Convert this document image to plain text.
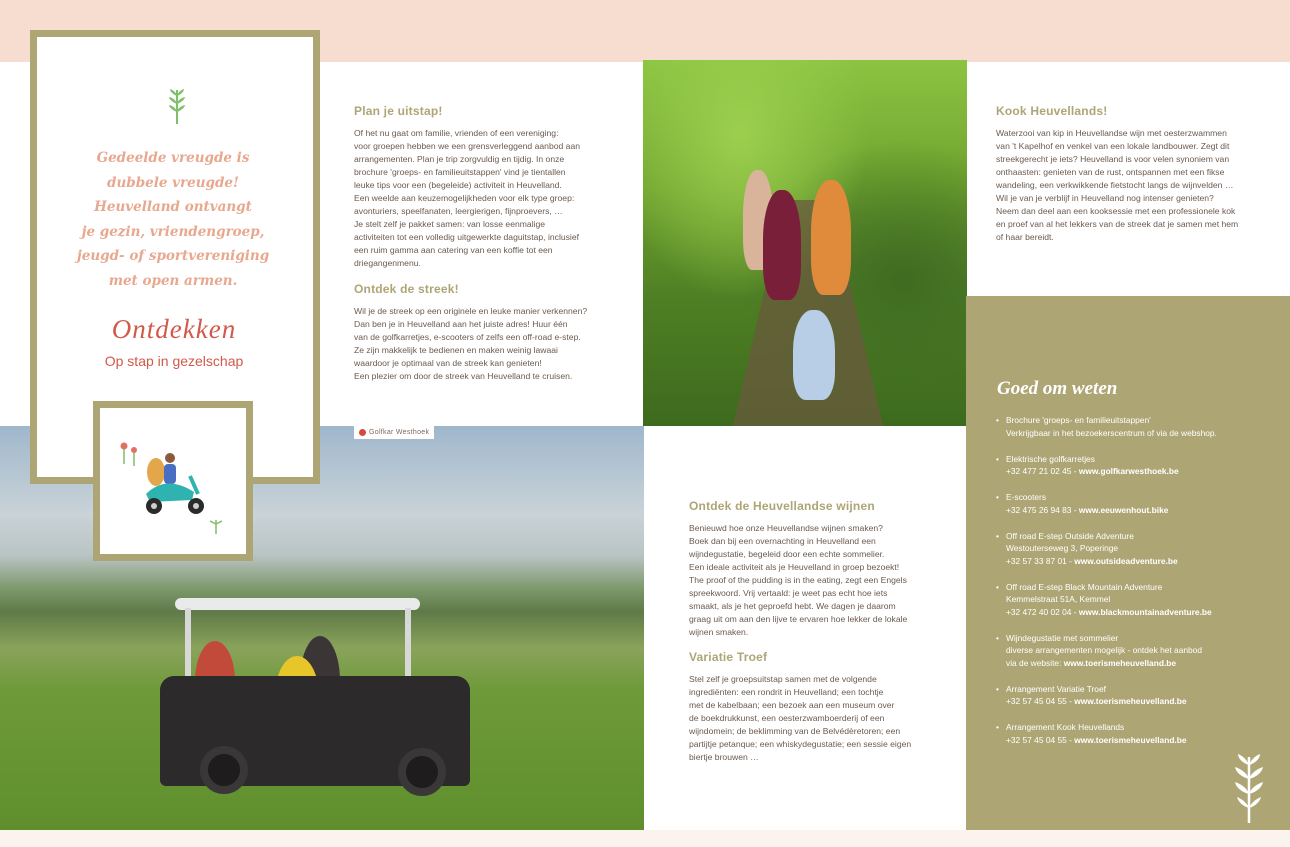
Golfkar Westhoek
Gedeelde vreugde is
dubbele vreugde!
Heuvelland ontvangt
je gezin, vriendengroep,
jeugd- of sportvereniging
met open armen.
Ontdekken
Op stap in gezelschap
Plan je uitstap!

Of het nu gaat om familie, vrienden of een vereniging:
voor groepen hebben we een grensverleggend aanbod aan
arrangementen. Plan je trip zorgvuldig en tijdig. In onze
brochure 'groeps- en familieuitstappen' vind je tientallen
leuke tips voor een (begeleide) activiteit in Heuvelland.
Een weelde aan keuzemogelijkheden voor elk type groep:
avonturiers, speelfanaten, leergierigen, fijnproevers, …
Je stelt zelf je pakket samen: van losse eenmalige
activiteiten tot een volledig uitgewerkte daguitstap, inclusief
een ruim gamma aan catering van een koffie tot een
driegangenmenu.

Ontdek de streek!

Wil je de streek op een originele en leuke manier verkennen?
Dan ben je in Heuvelland aan het juiste adres! Huur één
van de golfkarretjes, e-scooters of zelfs een off-road e-step.
Ze zijn makkelijk te bedienen en maken weinig lawaai
waardoor je optimaal van de streek kan genieten!
Een plezier om door de streek van Heuvelland te cruisen.

Ontdek de Heuvellandse wijnen

Benieuwd hoe onze Heuvellandse wijnen smaken?
Boek dan bij een overnachting in Heuvelland een
wijndegustatie, begeleid door een echte sommelier.
Een ideale activiteit als je Heuvelland in groep bezoekt!
The proof of the pudding is in the eating, zegt een Engels
spreekwoord. Vrij vertaald: je weet pas echt hoe iets
smaakt, als je het geproefd hebt. We dagen je daarom
graag uit om aan den lijve te ervaren hoe lekker de lokale
wijnen smaken.

Variatie Troef

Stel zelf je groepsuitstap samen met de volgende
ingrediënten: een rondrit in Heuvelland; een tochtje
met de kabelbaan; een bezoek aan een museum over
de boekdrukkunst, een oesterzwamboerderij of een
wijndomein; de beklimming van de Belvédèretoren; een
partijtje petanque; een whiskydegustatie; een sessie eigen
biertje brouwen …

Kook Heuvellands!

Waterzooi van kip in Heuvellandse wijn met oesterzwammen
van 't Kapelhof en venkel van een lokale landbouwer. Zegt dit
streekgerecht je iets? Heuvelland is voor velen synoniem van
onthaasten: genieten van de rust, ontspannen met een fikse
wandeling, een verkwikkende fietstocht langs de wijnvelden …
Wil je van je verblijf in Heuvelland nog intenser genieten?
Neem dan deel aan een kooksessie met een professionele kok
en proef van al het lekkers van de streek dat je samen met hem
of haar bereidt.

Goed om weten
• Brochure 'groeps- en familieuitstappen'
Verkrijgbaar in het bezoekerscentrum of via de webshop.
• Elektrische golfkarretjes
+32 477 21 02 45 - www.golfkarwesthoek.be
• E-scooters
+32 475 26 94 83 - www.eeuwenhout.bike
• Off road E-step Outside Adventure
Westouterseweg 3, Poperinge
+32 57 33 87 01 - www.outsideadventure.be
• Off road E-step Black Mountain Adventure
Kemmelstraat 51A, Kemmel
+32 472 40 02 04 - www.blackmountainadventure.be
• Wijndegustatie met sommelier
diverse arrangementen mogelijk - ontdek het aanbod
via de website: www.toerismeheuvelland.be
• Arrangement Variatie Troef
+32 57 45 04 55 - www.toerismeheuvelland.be
• Arrangement Kook Heuvellands
+32 57 45 04 55 - www.toerismeheuvelland.be
